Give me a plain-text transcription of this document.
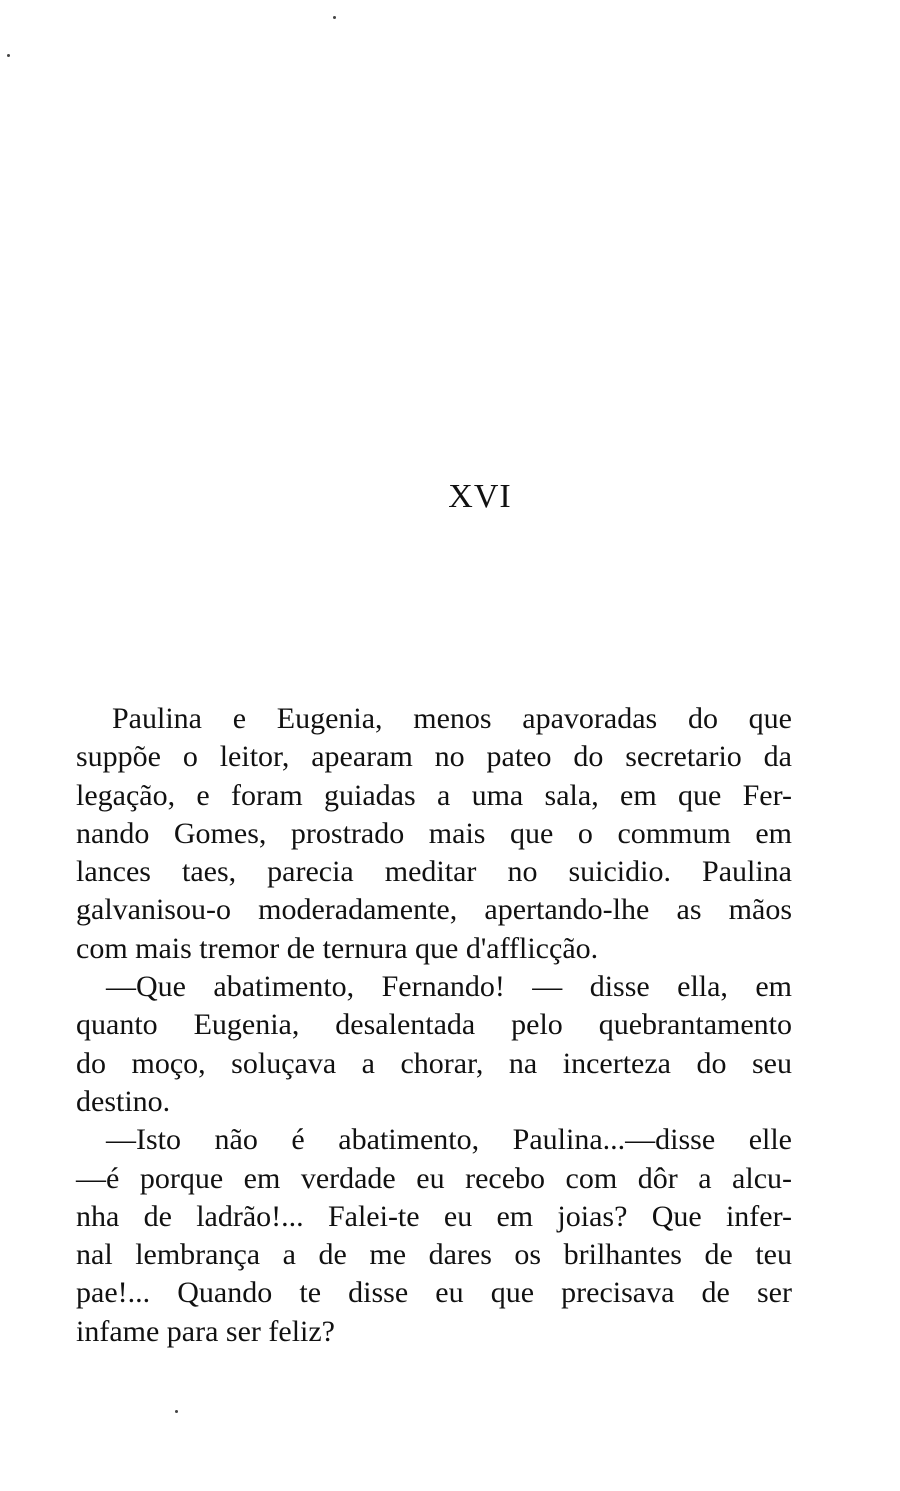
XVI
Paulina e Eugenia, menos apavoradas do que
suppõe o leitor, apearam no pateo do secretario da
legação, e foram guiadas a uma sala, em que Fer-
nando Gomes, prostrado mais que o commum em
lances taes, parecia meditar no suicidio. Paulina
galvanisou-o moderadamente, apertando-lhe as mãos
com mais tremor de ternura que d'afflicção.
—Que abatimento, Fernando! — disse ella, em
quanto Eugenia, desalentada pelo quebrantamento
do moço, soluçava a chorar, na incerteza do seu
destino.
—Isto não é abatimento, Paulina...—disse elle
—é porque em verdade eu recebo com dôr a alcu-
nha de ladrão!... Falei-te eu em joias? Que infer-
nal lembrança a de me dares os brilhantes de teu
pae!... Quando te disse eu que precisava de ser
infame para ser feliz?
